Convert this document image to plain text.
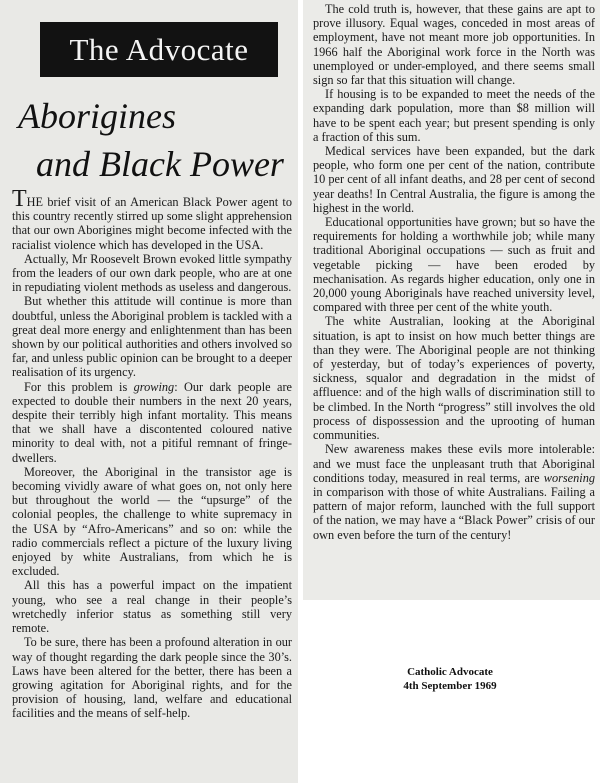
The Advocate
Aborigines
and Black Power

THE brief visit of an American Black Power agent to this country recently stirred up some slight apprehension that our own Aborigines might become infected with the racialist violence which has developed in the USA.

Actually, Mr Roosevelt Brown evoked little sympathy from the leaders of our own dark people, who are at one in repudiating violent methods as useless and dangerous.

But whether this attitude will continue is more than doubtful, unless the Aboriginal problem is tackled with a great deal more energy and enlightenment than has been shown by our political authorities and others involved so far, and unless public opinion can be brought to a deeper realisation of its urgency.

For this problem is growing: Our dark people are expected to double their numbers in the next 20 years, despite their terribly high infant mortality. This means that we shall have a discontented coloured native minority to deal with, not a pitiful remnant of fringe-dwellers.

Moreover, the Aboriginal in the transistor age is becoming vividly aware of what goes on, not only here but throughout the world — the “upsurge” of the colonial peoples, the challenge to white supremacy in the USA by “Afro-Americans” and so on: while the radio commercials reflect a picture of the luxury living enjoyed by white Australians, from which he is excluded.

All this has a powerful impact on the impatient young, who see a real change in their people’s wretchedly inferior status as something still very remote.

To be sure, there has been a profound alteration in our way of thought regarding the dark people since the 30’s. Laws have been altered for the better, there has been a growing agitation for Aboriginal rights, and for the provision of housing, land, welfare and educational facilities and the means of self-help.

The cold truth is, however, that these gains are apt to prove illusory. Equal wages, conceded in most areas of employment, have not meant more job opportunities. In 1966 half the Aboriginal work force in the North was unemployed or under-employed, and there seems small sign so far that this situation will change.

If housing is to be expanded to meet the needs of the expanding dark population, more than $8 million will have to be spent each year; but present spending is only a fraction of this sum.

Medical services have been expanded, but the dark people, who form one per cent of the nation, contribute 10 per cent of all infant deaths, and 28 per cent of second year deaths! In Central Australia, the figure is among the highest in the world.

Educational opportunities have grown; but so have the requirements for holding a worthwhile job; while many traditional Aboriginal occupations — such as fruit and vegetable picking — have been eroded by mechanisation. As regards higher education, only one in 20,000 young Aboriginals have reached university level, compared with three per cent of the white youth.

The white Australian, looking at the Aboriginal situation, is apt to insist on how much better things are than they were. The Aboriginal people are not thinking of yesterday, but of today’s experiences of poverty, sickness, squalor and degradation in the midst of affluence: and of the high walls of discrimination still to be climbed. In the North “progress” still involves the old process of dispossession and the uprooting of human communities.

New awareness makes these evils more intolerable: and we must face the unpleasant truth that Aboriginal conditions today, measured in real terms, are worsening in comparison with those of white Australians. Failing a pattern of major reform, launched with the full support of the nation, we may have a “Black Power” crisis of our own even before the turn of the century!

Catholic Advocate
4th September 1969
